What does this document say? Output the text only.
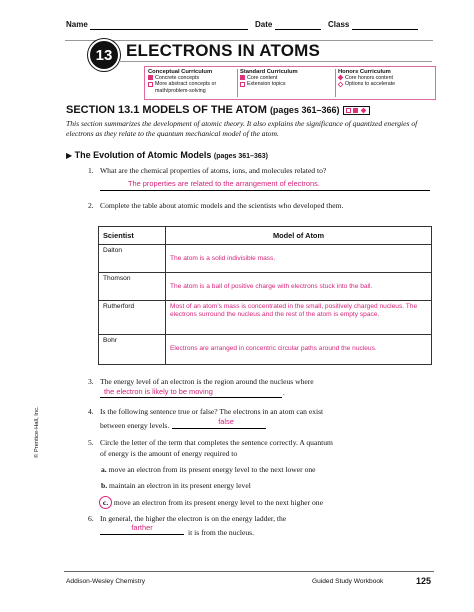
Name	Date	Class
13 ELECTRONS IN ATOMS
Conceptual Curriculum
Concrete concepts
More abstract concepts or math/problem-solving
Standard Curriculum
Core content
Extension topics
Honors Curriculum
Core honors content
Options to accelerate
SECTION 13.1 MODELS OF THE ATOM (pages 361–366)
This section summarizes the development of atomic theory. It also explains the significance of quantized energies of electrons as they relate to the quantum mechanical model of the atom.
▶ The Evolution of Atomic Models (pages 361–363)
1. What are the chemical properties of atoms, ions, and molecules related to?
The properties are related to the arrangement of electrons.
2. Complete the table about atomic models and the scientists who developed them.
Scientist	Model of Atom
Dalton	The atom is a solid indivisible mass.
Thomson	The atom is a ball of positive charge with electrons stuck into the ball.
Rutherford	Most of an atom’s mass is concentrated in the small, positively charged nucleus. The electrons surround the nucleus and the rest of the atom is empty space.
Bohr	Electrons are arranged in concentric circular paths around the nucleus.
3. The energy level of an electron is the region around the nucleus where
the electron is likely to be moving	.
4. Is the following sentence true or false? The electrons in an atom can exist
between energy levels.	false
5. Circle the letter of the term that completes the sentence correctly. A quantum
of energy is the amount of energy required to
a. move an electron from its present energy level to the next lower one
b. maintain an electron in its present energy level
c. move an electron from its present energy level to the next higher one
6. In general, the higher the electron is on the energy ladder, the
farther
it is from the nucleus.
© Prentice-Hall, Inc.
Addison-Wesley Chemistry	Guided Study Workbook	125
